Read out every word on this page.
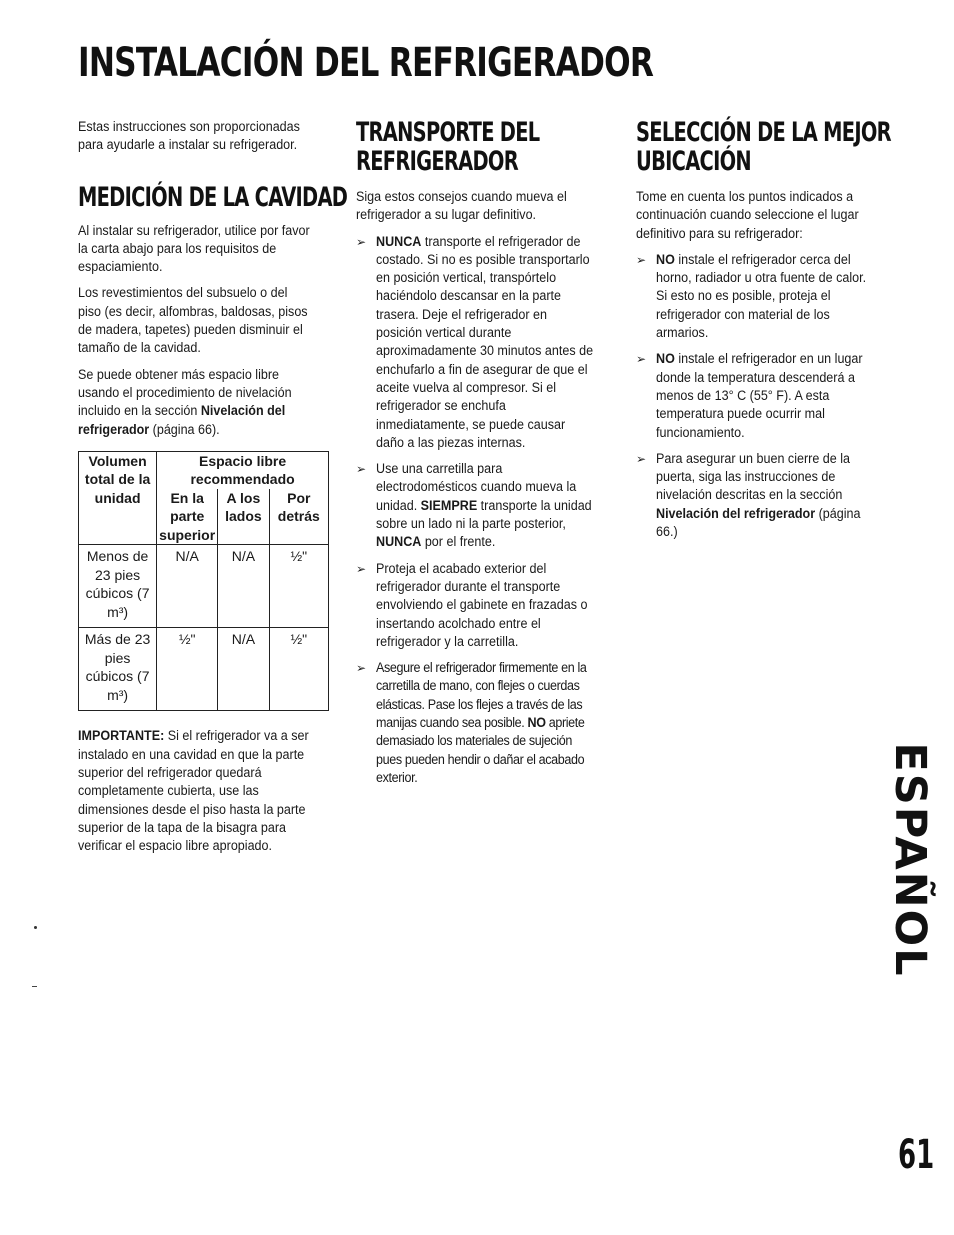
INSTALACIÓN DEL REFRIGERADOR

Estas instrucciones son proporcionadas para ayudarle a instalar su refrigerador.

MEDICIÓN DE LA CAVIDAD

Al instalar su refrigerador, utilice por favor la carta abajo para los requisitos de espaciamiento.

Los revestimientos del subsuelo o del piso (es decir, alfombras, baldosas, pisos de madera, tapetes) pueden disminuir el tamaño de la cavidad.

Se puede obtener más espacio libre usando el procedimiento de nivelación incluido en la sección Nivelación del refrigerador (página 66).

Volumen total de la unidad	Espacio libre recommendado		
	En la parte superior	A los lados	Por detrás
Menos de 23 pies cúbicos (7 m³)	N/A	N/A	½"
Más de 23 pies cúbicos (7 m³)	½"	N/A	½"

IMPORTANTE: Si el refrigerador va a ser instalado en una cavidad en que la parte superior del refrigerador quedará completamente cubierta, use las dimensiones desde el piso hasta la parte superior de la tapa de la bisagra para verificar el espacio libre apropiado.

TRANSPORTE DEL
REFRIGERADOR

Siga estos consejos cuando mueva el refrigerador a su lugar definitivo.

➢ NUNCA transporte el refrigerador de costado. Si no es posible transportarlo en posición vertical, transpórtelo haciéndolo descansar en la parte trasera. Deje el refrigerador en posición vertical durante aproximadamente 30 minutos antes de enchufarlo a fin de asegurar de que el aceite vuelva al compresor. Si el refrigerador se enchufa inmediatamente, se puede causar daño a las piezas internas.
➢ Use una carretilla para electrodomésticos cuando mueva la unidad. SIEMPRE transporte la unidad sobre un lado ni la parte posterior, NUNCA por el frente.
➢ Proteja el acabado exterior del refrigerador durante el transporte envolviendo el gabinete en frazadas o insertando acolchado entre el refrigerador y la carretilla.
➢ Asegure el refrigerador firmemente en la carretilla de mano, con flejes o cuerdas elásticas. Pase los flejes a través de las manijas cuando sea posible. NO apriete demasiado los materiales de sujeción pues pueden hendir o dañar el acabado exterior.
SELECCIÓN DE LA MEJOR
UBICACIÓN

Tome en cuenta los puntos indicados a continuación cuando seleccione el lugar definitivo para su refrigerador:

➢ NO instale el refrigerador cerca del horno, radiador u otra fuente de calor. Si esto no es posible, proteja el refrigerador con material de los armarios.
➢ NO instale el refrigerador en un lugar donde la temperatura descenderá a menos de 13° C (55° F). A esta temperatura puede ocurrir mal funcionamiento.
➢ Para asegurar un buen cierre de la puerta, siga las instrucciones de nivelación descritas en la sección Nivelación del refrigerador (página 66.)
ESPAÑOL
61
